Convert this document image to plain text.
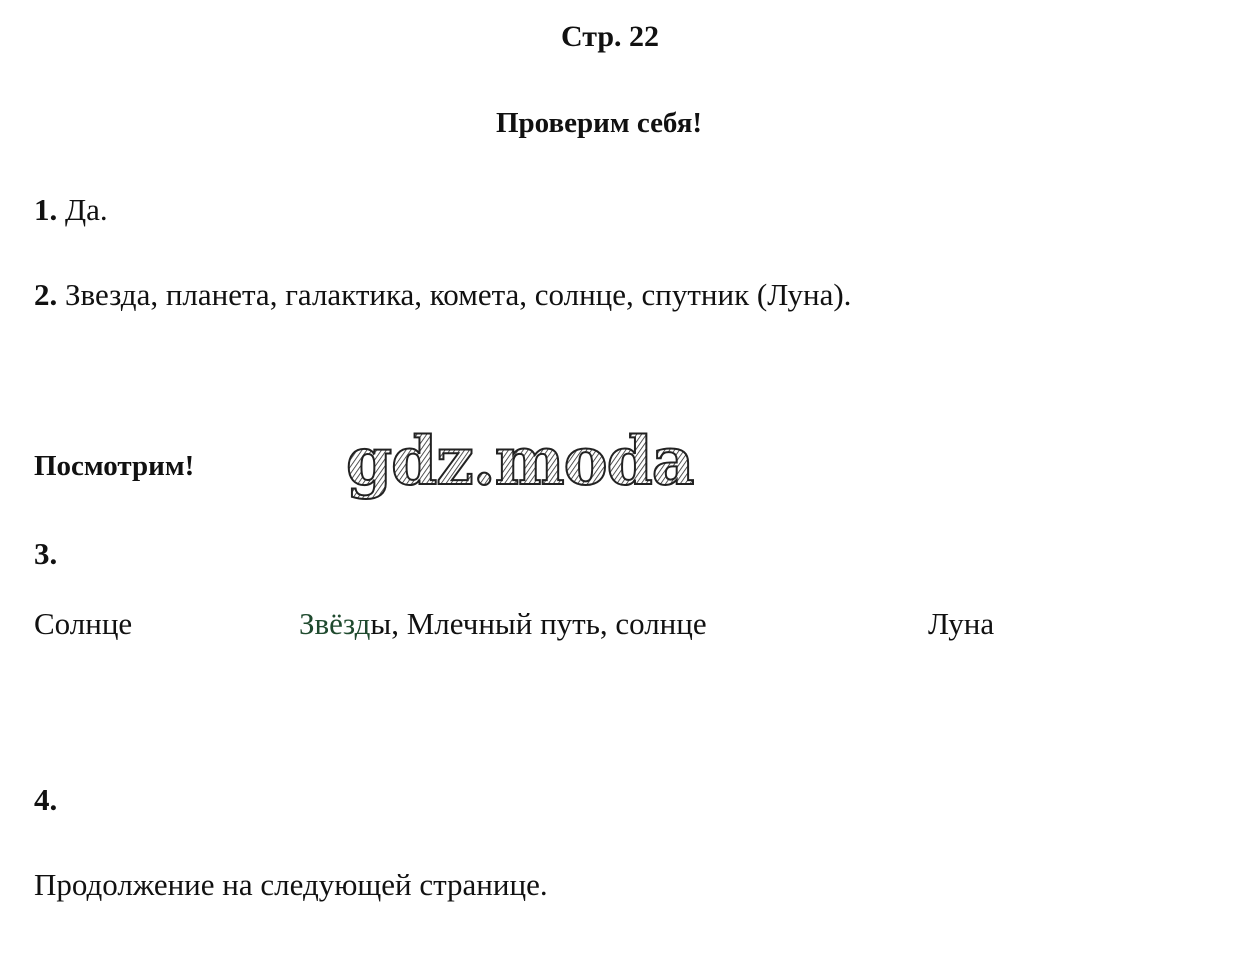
Стр. 22
Проверим себя!
1. Да.
2. Звезда, планета, галактика, комета, солнце, спутник (Луна).
Посмотрим! gdz.moda
3.
Солнце	Звёзды, Млечный путь, солнце	Луна
4.
Продолжение на следующей странице.
